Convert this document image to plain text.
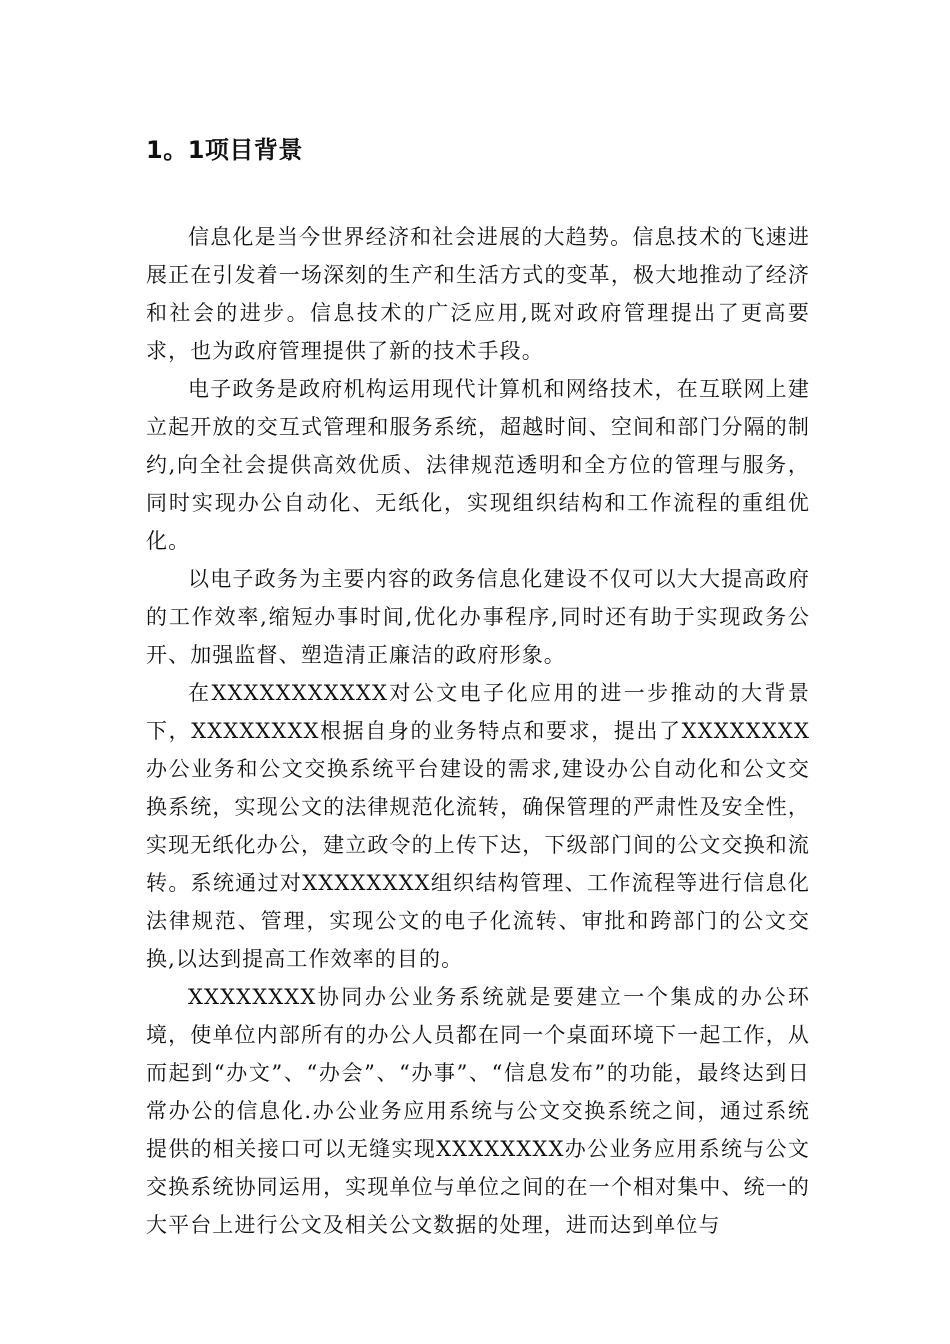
1。1项目背景

信息化是当今世界经济和社会进展的大趋势。信息技术的飞速进展正在引发着一场深刻的生产和生活方式的变革，极大地推动了经济和社会的进步。信息技术的广泛应用,既对政府管理提出了更高要求，也为政府管理提供了新的技术手段。

电子政务是政府机构运用现代计算机和网络技术，在互联网上建立起开放的交互式管理和服务系统，超越时间、空间和部门分隔的制约,向全社会提供高效优质、法律规范透明和全方位的管理与服务，同时实现办公自动化、无纸化，实现组织结构和工作流程的重组优化。

以电子政务为主要内容的政务信息化建设不仅可以大大提高政府的工作效率,缩短办事时间,优化办事程序,同时还有助于实现政务公开、加强监督、塑造清正廉洁的政府形象。

在XXXXXXXXXXX对公文电子化应用的进一步推动的大背景下，XXXXXXXX根据自身的业务特点和要求，提出了XXXXXXXX办公业务和公文交换系统平台建设的需求,建设办公自动化和公文交换系统，实现公文的法律规范化流转，确保管理的严肃性及安全性，实现无纸化办公，建立政令的上传下达，下级部门间的公文交换和流转。系统通过对XXXXXXXX组织结构管理、工作流程等进行信息化法律规范、管理，实现公文的电子化流转、审批和跨部门的公文交换,以达到提高工作效率的目的。

XXXXXXXX协同办公业务系统就是要建立一个集成的办公环境，使单位内部所有的办公人员都在同一个桌面环境下一起工作，从而起到“办文”、“办会”、“办事”、“信息发布”的功能，最终达到日常办公的信息化.办公业务应用系统与公文交换系统之间，通过系统提供的相关接口可以无缝实现XXXXXXXX办公业务应用系统与公文交换系统协同运用，实现单位与单位之间的在一个相对集中、统一的大平台上进行公文及相关公文数据的处理，进而达到单位与
